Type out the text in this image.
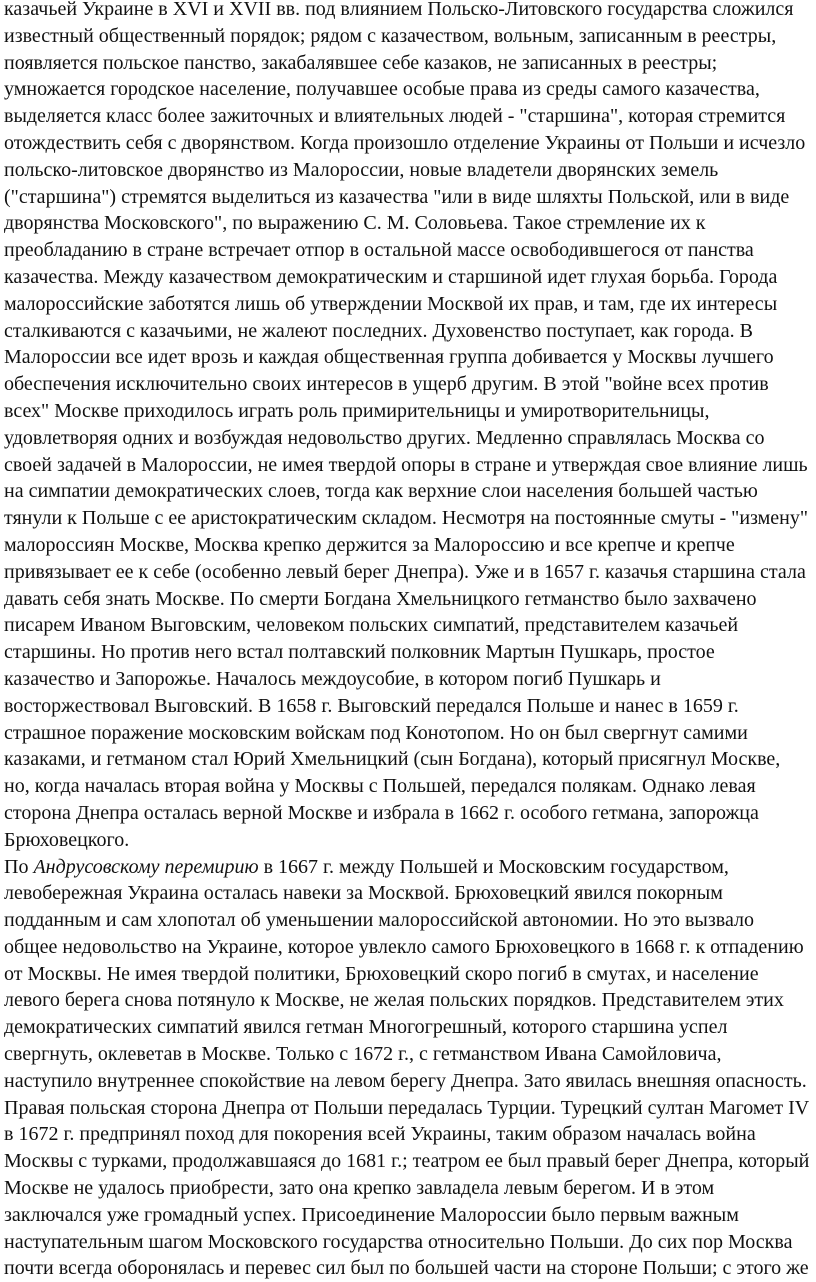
казачьей Украине в XVI и XVII вв. под влиянием Польско-Литовского государства сложился известный общественный порядок; рядом с казачеством, вольным, записанным в реестры, появляется польское панство, закабалявшее себе казаков, не записанных в реестры; умножается городское население, получавшее особые права из среды самого казачества, выделяется класс более зажиточных и влиятельных людей - "старшина", которая стремится отождествить себя с дворянством. Когда произошло отделение Украины от Польши и исчезло польско-литовское дворянство из Малороссии, новые владетели дворянских земель ("старшина") стремятся выделиться из казачества "или в виде шляхты Польской, или в виде дворянства Московского", по выражению С. М. Соловьева. Такое стремление их к преобладанию в стране встречает отпор в остальной массе освободившегося от панства казачества. Между казачеством демократическим и старшиной идет глухая борьба. Города малороссийские заботятся лишь об утверждении Москвой их прав, и там, где их интересы сталкиваются с казачьими, не жалеют последних. Духовенство поступает, как города. В Малороссии все идет врозь и каждая общественная группа добивается у Москвы лучшего обеспечения исключительно своих интересов в ущерб другим. В этой "войне всех против всех" Москве приходилось играть роль примирительницы и умиротворительницы, удовлетворяя одних и возбуждая недовольство других. Медленно справлялась Москва со своей задачей в Малороссии, не имея твердой опоры в стране и утверждая свое влияние лишь на симпатии демократических слоев, тогда как верхние слои населения большей частью тянули к Польше с ее аристократическим складом. Несмотря на постоянные смуты - "измену" малороссиян Москве, Москва крепко держится за Малороссию и все крепче и крепче привязывает ее к себе (особенно левый берег Днепра). Уже и в 1657 г. казачья старшина стала давать себя знать Москве. По смерти Богдана Хмельницкого гетманство было захвачено писарем Иваном Выговским, человеком польских симпатий, представителем казачьей старшины. Но против него встал полтавский полковник Мартын Пушкарь, простое казачество и Запорожье. Началось междоусобие, в котором погиб Пушкарь и восторжествовал Выговский. В 1658 г. Выговский передался Польше и нанес в 1659 г. страшное поражение московским войскам под Конотопом. Но он был свергнут самими казаками, и гетманом стал Юрий Хмельницкий (сын Богдана), который присягнул Москве, но, когда началась вторая война у Москвы с Польшей, передался полякам. Однако левая сторона Днепра осталась верной Москве и избрала в 1662 г. особого гетмана, запорожца Брюховецкого.

По Андрусовскому перемирию в 1667 г. между Польшей и Московским государством, левобережная Украина осталась навеки за Москвой. Брюховецкий явился покорным подданным и сам хлопотал об уменьшении малороссийской автономии. Но это вызвало общее недовольство на Украине, которое увлекло самого Брюховецкого в 1668 г. к отпадению от Москвы. Не имея твердой политики, Брюховецкий скоро погиб в смутах, и население левого берега снова потянуло к Москве, не желая польских порядков. Представителем этих демократических симпатий явился гетман Многогрешный, которого старшина успел свергнуть, оклеветав в Москве. Только с 1672 г., с гетманством Ивана Самойловича, наступило внутреннее спокойствие на левом берегу Днепра. Зато явилась внешняя опасность. Правая польская сторона Днепра от Польши передалась Турции. Турецкий султан Магомет IV в 1672 г. предпринял поход для покорения всей Украины, таким образом началась война Москвы с турками, продолжавшаяся до 1681 г.; театром ее был правый берег Днепра, который Москве не удалось приобрести, зато она крепко завладела левым берегом. И в этом заключался уже громадный успех. Присоединение Малороссии было первым важным наступательным шагом Московского государства относительно Польши. До сих пор Москва почти всегда оборонялась и перевес сил был по большей части на стороне Польши; с этого же
